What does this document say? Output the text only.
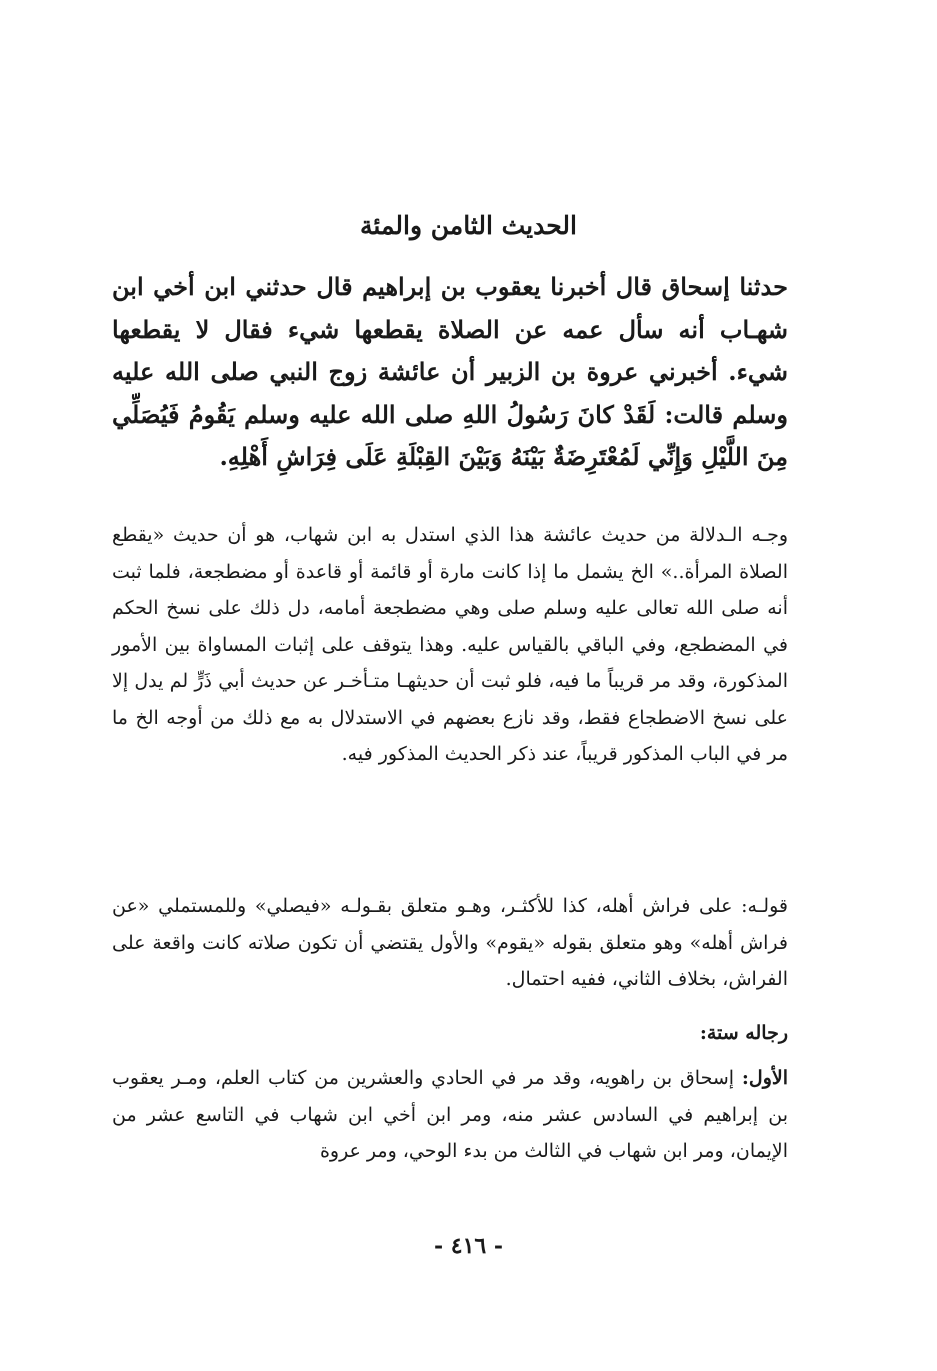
الحديث الثامن والمئة
حدثنا إسحاق قال أخبرنا يعقوب بن إبراهيم قال حدثني ابن أخي ابن شهـاب أنه سأل عمه عن الصلاة يقطعها شيء فقال لا يقطعها شيء. أخبرني عروة بن الزبير أن عائشة زوج النبي صلى الله عليه وسلم قالت: لَقَدْ كانَ رَسُولُ اللهِ صلى الله عليه وسلم يَقُومُ فَيُصَلِّي مِنَ اللَّيْلِ وَإِنِّي لَمُعْتَرِضَةٌ بَيْنَهُ وَبَيْنَ القِبْلَةِ عَلَى فِرَاشِ أَهْلِهِ.

وجـه الـدلالة من حديث عائشة هذا الذي استدل به ابن شهاب، هو أن حديث «يقطع الصلاة المرأة..» الخ يشمل ما إذا كانت مارة أو قائمة أو قاعدة أو مضطجعة، فلما ثبت أنه صلى الله تعالى عليه وسلم صلى وهي مضطجعة أمامه، دل ذلك على نسخ الحكم في المضطجع، وفي الباقي بالقياس عليه. وهذا يتوقف على إثبات المساواة بين الأمور المذكورة، وقد مر قريباً ما فيه، فلو ثبت أن حديثهـا متـأخـر عن حديث أبي ذَرٍّ لم يدل إلا على نسخ الاضطجاع فقط، وقد نازع بعضهم في الاستدلال به مع ذلك من أوجه الخ ما مر في الباب المذكور قريباً، عند ذكر الحديث المذكور فيه.

قولـه: على فراش أهله، كذا للأكثـر، وهـو متعلق بقـولـه «فيصلي» وللمستملي «عن فراش أهله» وهو متعلق بقوله «يقوم» والأول يقتضي أن تكون صلاته كانت واقعة على الفراش، بخلاف الثاني، ففيه احتمال.

رجاله ستة:

الأول: إسحاق بن راهويه، وقد مر في الحادي والعشرين من كتاب العلم، ومـر يعقوب بن إبراهيم في السادس عشر منه، ومر ابن أخي ابن شهاب في التاسع عشر من الإيمان، ومر ابن شهاب في الثالث من بدء الوحي، ومر عروة

- ٤١٦ -
